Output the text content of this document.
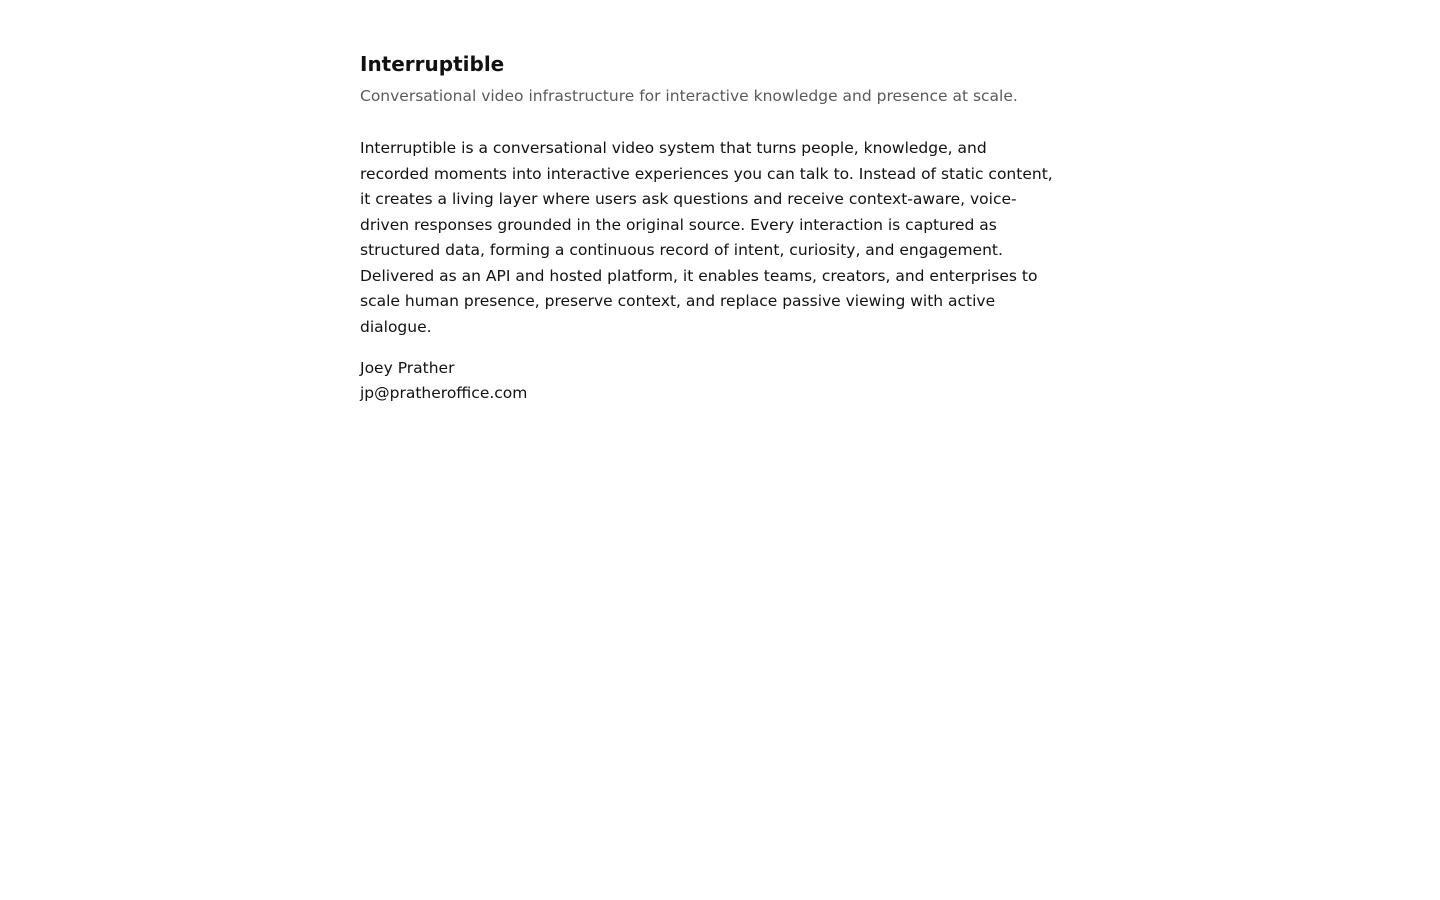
Interruptible

Conversational video infrastructure for interactive knowledge and presence at scale.

Interruptible is a conversational video system that turns people, knowledge, and recorded moments into interactive experiences you can talk to. Instead of static content, it creates a living layer where users ask questions and receive context-aware, voice-driven responses grounded in the original source. Every interaction is captured as structured data, forming a continuous record of intent, curiosity, and engagement. Delivered as an API and hosted platform, it enables teams, creators, and enterprises to scale human presence, preserve context, and replace passive viewing with active dialogue.

Joey Prather
jp@pratheroffice.com
